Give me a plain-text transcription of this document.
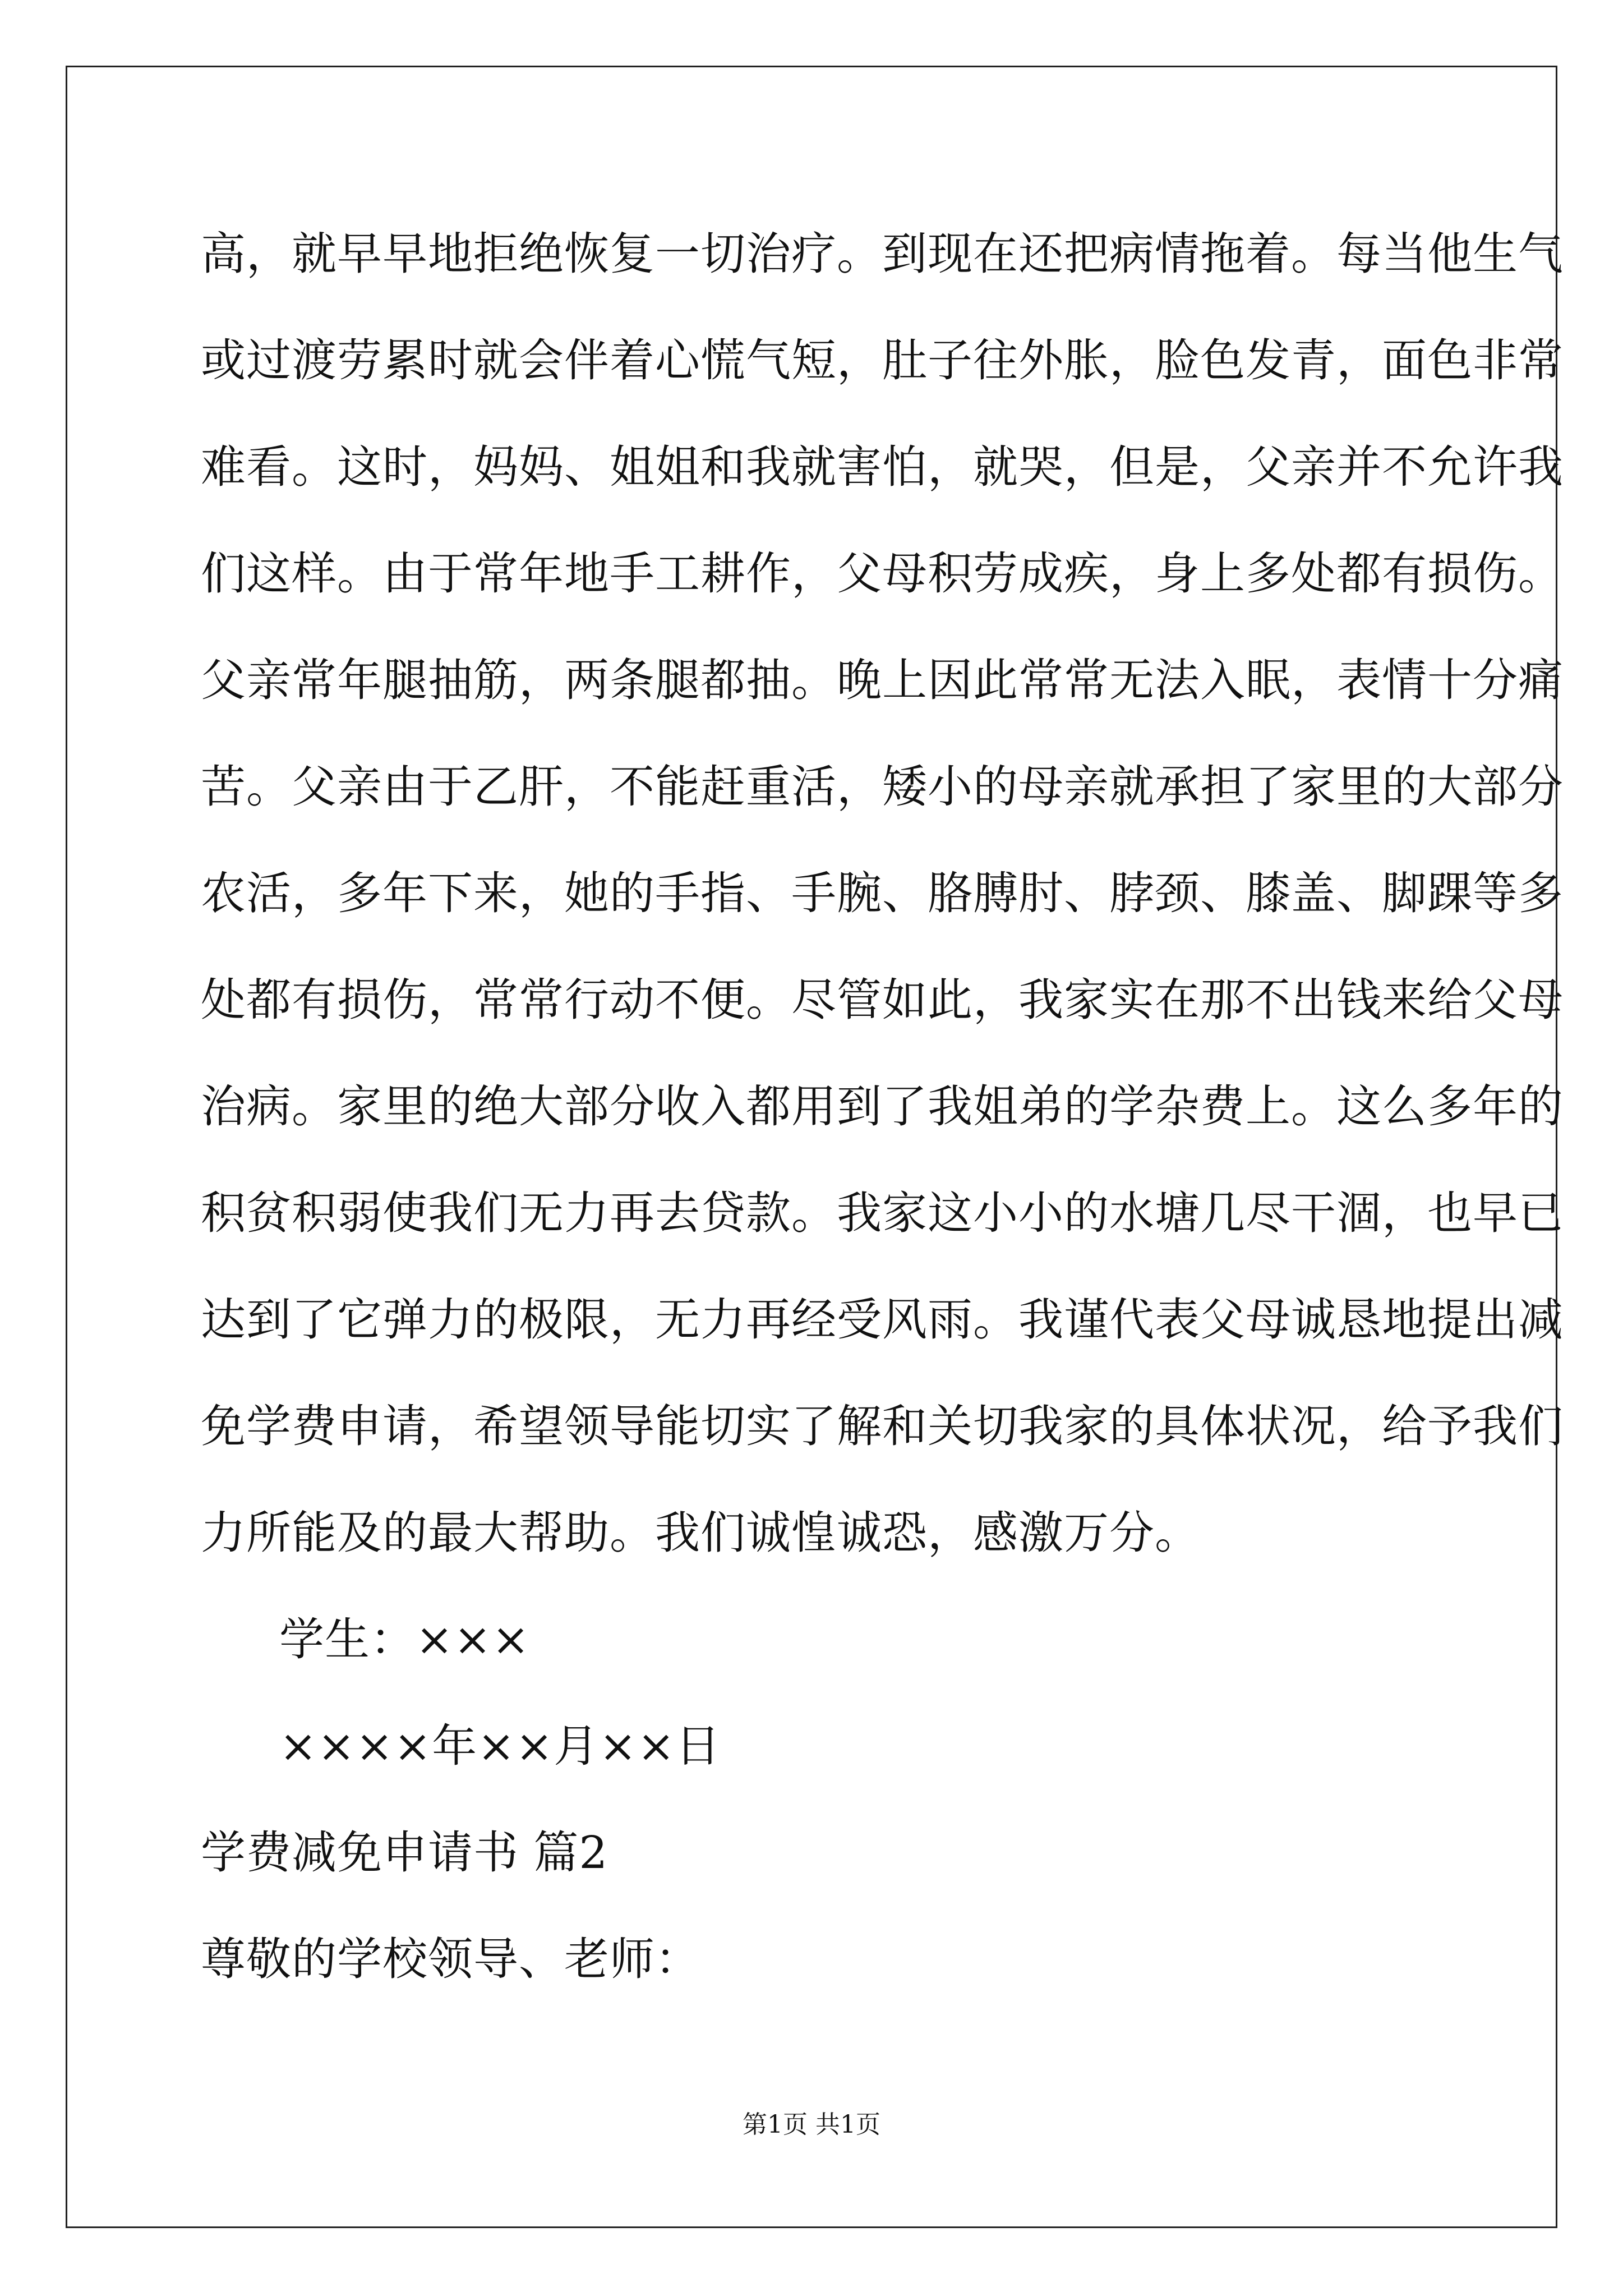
高，就早早地拒绝恢复一切治疗。到现在还把病情拖着。每当他生气
或过渡劳累时就会伴着心慌气短，肚子往外胀，脸色发青，面色非常
难看。这时，妈妈、姐姐和我就害怕，就哭，但是，父亲并不允许我
们这样。由于常年地手工耕作，父母积劳成疾，身上多处都有损伤。
父亲常年腿抽筋，两条腿都抽。晚上因此常常无法入眠，表情十分痛
苦。父亲由于乙肝，不能赶重活，矮小的母亲就承担了家里的大部分
农活，多年下来，她的手指、手腕、胳膊肘、脖颈、膝盖、脚踝等多
处都有损伤，常常行动不便。尽管如此，我家实在那不出钱来给父母
治病。家里的绝大部分收入都用到了我姐弟的学杂费上。这么多年的
积贫积弱使我们无力再去贷款。我家这小小的水塘几尽干涸，也早已
达到了它弹力的极限，无力再经受风雨。我谨代表父母诚恳地提出减
免学费申请，希望领导能切实了解和关切我家的具体状况，给予我们
力所能及的最大帮助。我们诚惶诚恐，感激万分。
学生：×××
××××年××月××日
学费减免申请书 篇2
尊敬的学校领导、老师：
第1页 共1页
